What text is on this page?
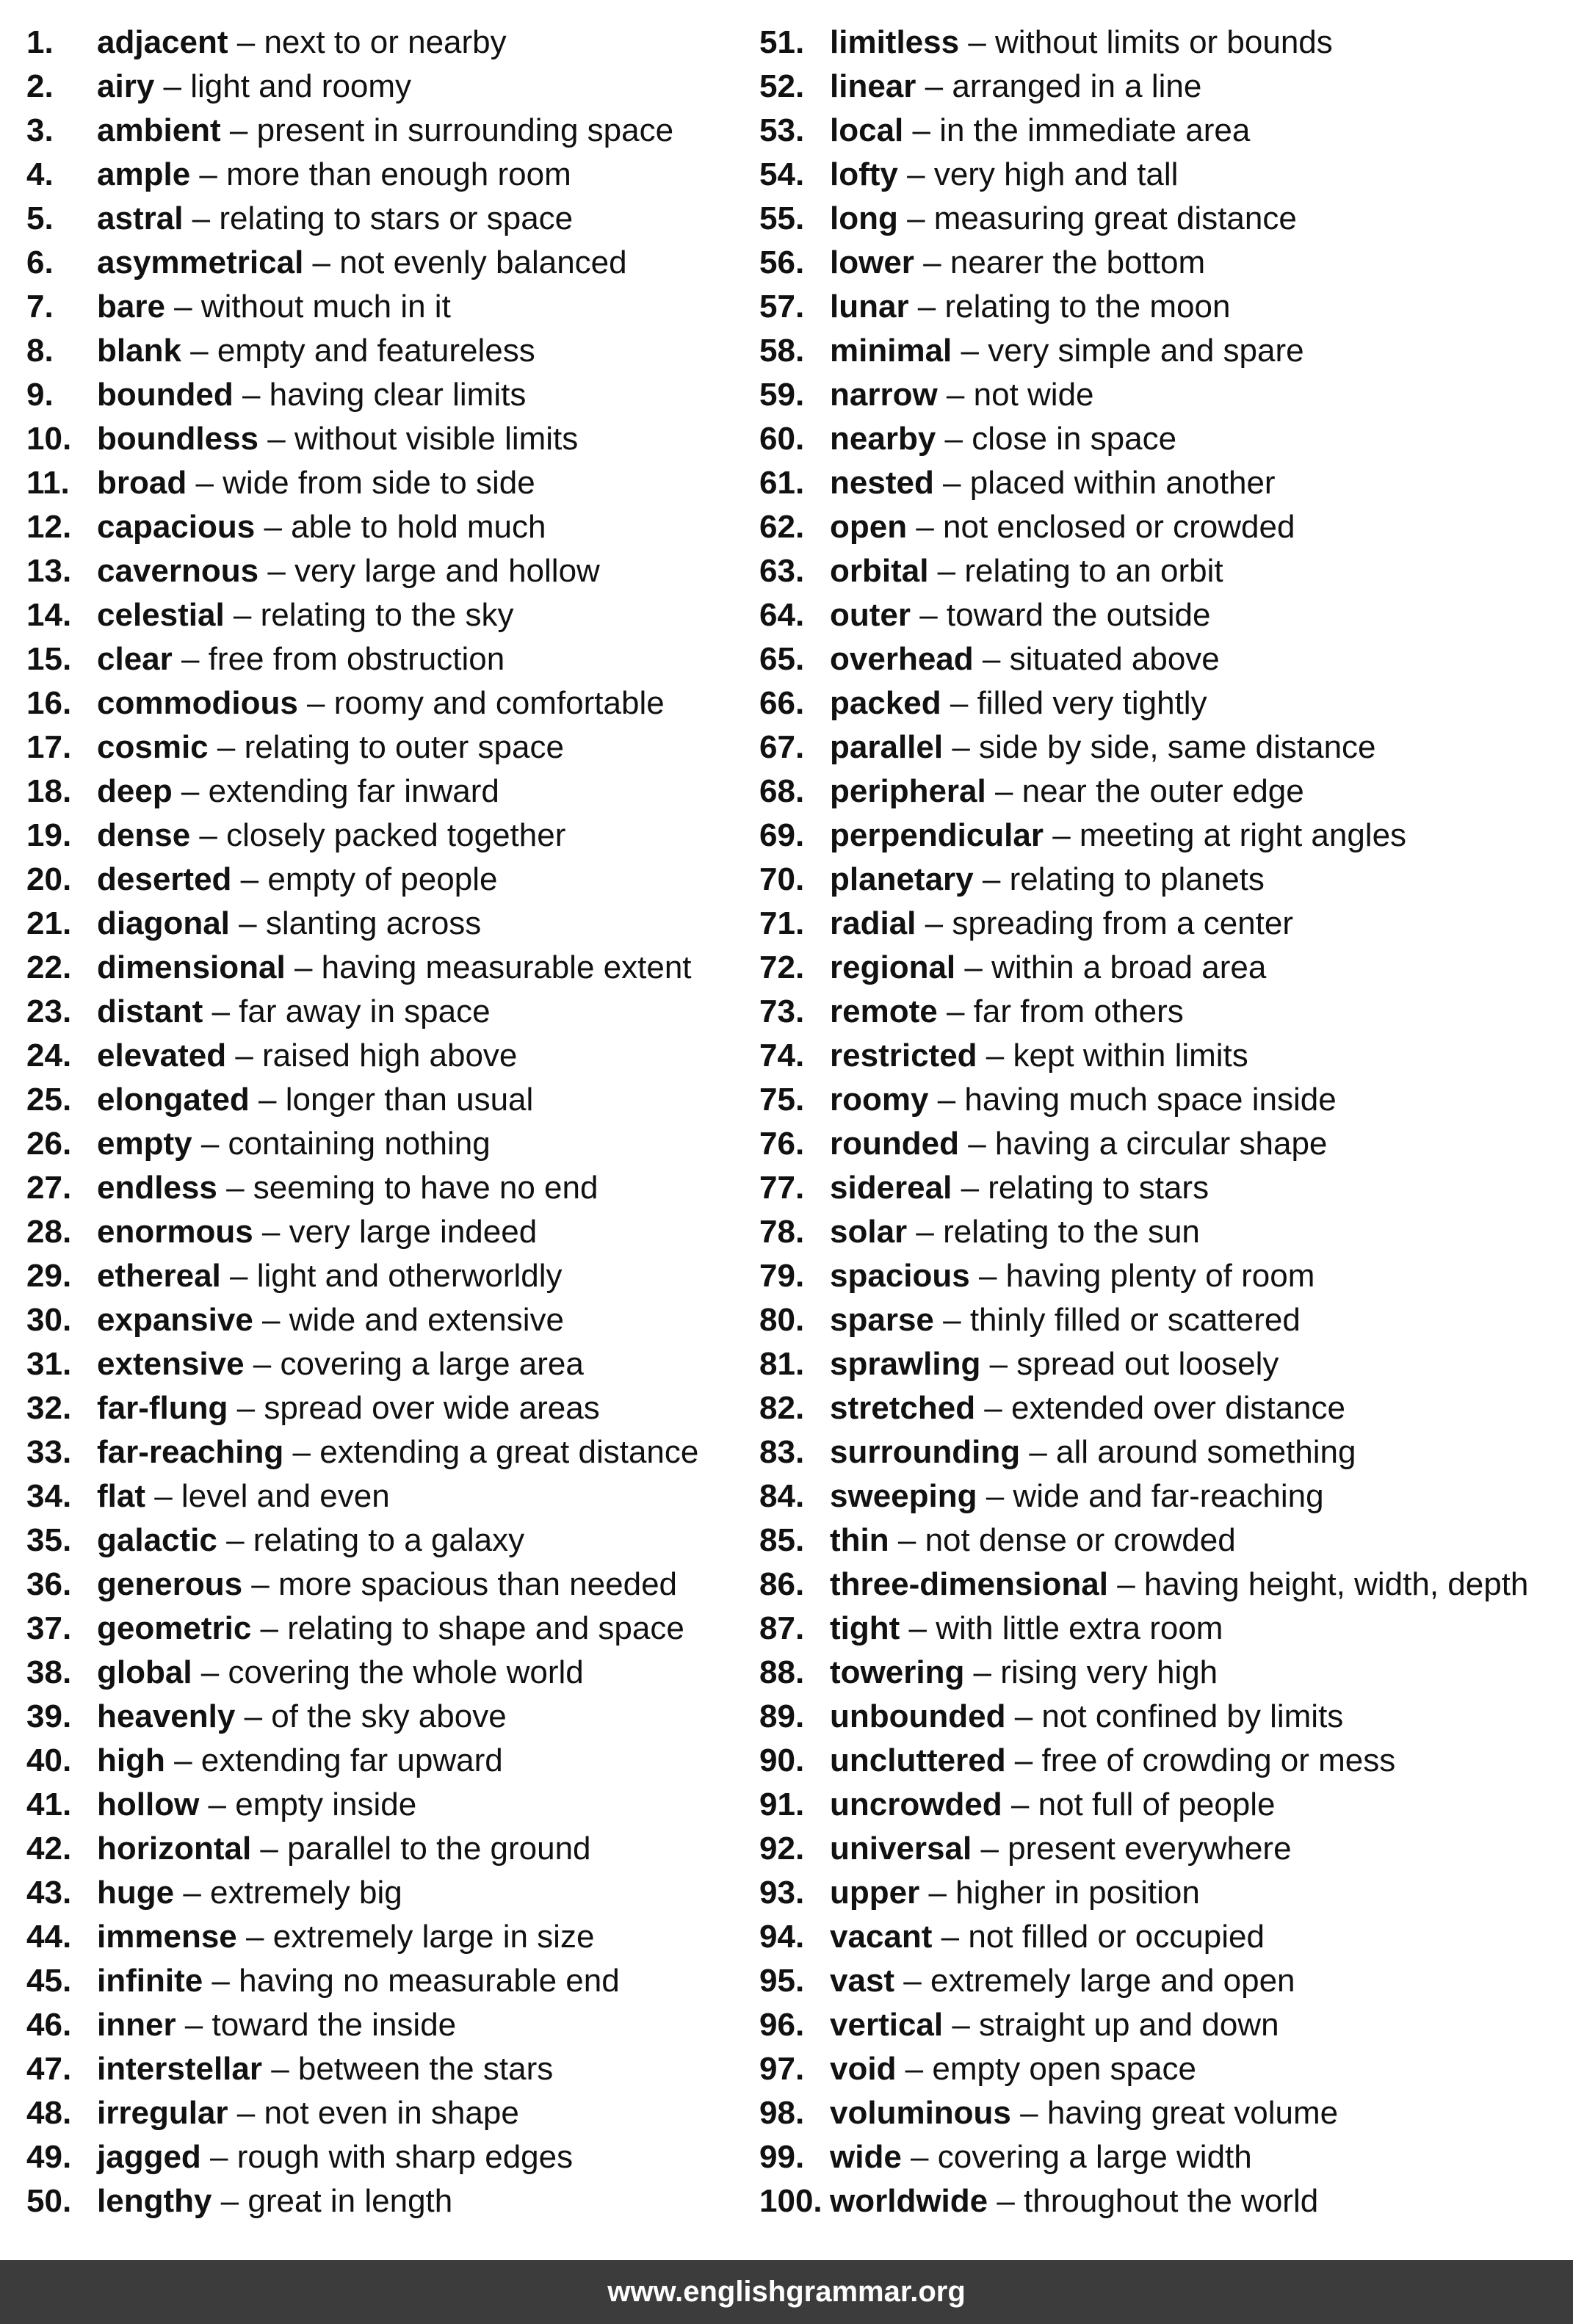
1.	adjacent – next to or nearby
2.	airy – light and roomy
3.	ambient – present in surrounding space
4.	ample – more than enough room
5.	astral – relating to stars or space
6.	asymmetrical – not evenly balanced
7.	bare – without much in it
8.	blank – empty and featureless
9.	bounded – having clear limits
10. boundless – without visible limits
11. broad – wide from side to side
12. capacious – able to hold much
13. cavernous – very large and hollow
14. celestial – relating to the sky
15. clear – free from obstruction
16. commodious – roomy and comfortable
17. cosmic – relating to outer space
18. deep – extending far inward
19. dense – closely packed together
20. deserted – empty of people
21. diagonal – slanting across
22. dimensional – having measurable extent
23. distant – far away in space
24. elevated – raised high above
25. elongated – longer than usual
26. empty – containing nothing
27. endless – seeming to have no end
28. enormous – very large indeed
29. ethereal – light and otherworldly
30. expansive – wide and extensive
31. extensive – covering a large area
32. far-flung – spread over wide areas
33. far-reaching – extending a great distance
34. flat – level and even
35. galactic – relating to a galaxy
36. generous – more spacious than needed
37. geometric – relating to shape and space
38. global – covering the whole world
39. heavenly – of the sky above
40. high – extending far upward
41. hollow – empty inside
42. horizontal – parallel to the ground
43. huge – extremely big
44. immense – extremely large in size
45. infinite – having no measurable end
46. inner – toward the inside
47. interstellar – between the stars
48. irregular – not even in shape
49. jagged – rough with sharp edges
50. lengthy – great in length
51. limitless – without limits or bounds
52. linear – arranged in a line
53. local – in the immediate area
54. lofty – very high and tall
55. long – measuring great distance
56. lower – nearer the bottom
57. lunar – relating to the moon
58. minimal – very simple and spare
59. narrow – not wide
60. nearby – close in space
61. nested – placed within another
62. open – not enclosed or crowded
63. orbital – relating to an orbit
64. outer – toward the outside
65. overhead – situated above
66. packed – filled very tightly
67. parallel – side by side, same distance
68. peripheral – near the outer edge
69. perpendicular – meeting at right angles
70. planetary – relating to planets
71. radial – spreading from a center
72. regional – within a broad area
73. remote – far from others
74. restricted – kept within limits
75. roomy – having much space inside
76. rounded – having a circular shape
77. sidereal – relating to stars
78. solar – relating to the sun
79. spacious – having plenty of room
80. sparse – thinly filled or scattered
81. sprawling – spread out loosely
82. stretched – extended over distance
83. surrounding – all around something
84. sweeping – wide and far-reaching
85. thin – not dense or crowded
86. three-dimensional – having height, width, depth
87. tight – with little extra room
88. towering – rising very high
89. unbounded – not confined by limits
90. uncluttered – free of crowding or mess
91. uncrowded – not full of people
92. universal – present everywhere
93. upper – higher in position
94. vacant – not filled or occupied
95. vast – extremely large and open
96. vertical – straight up and down
97. void – empty open space
98. voluminous – having great volume
99. wide – covering a large width
100. worldwide – throughout the world
www.englishgrammar.org
